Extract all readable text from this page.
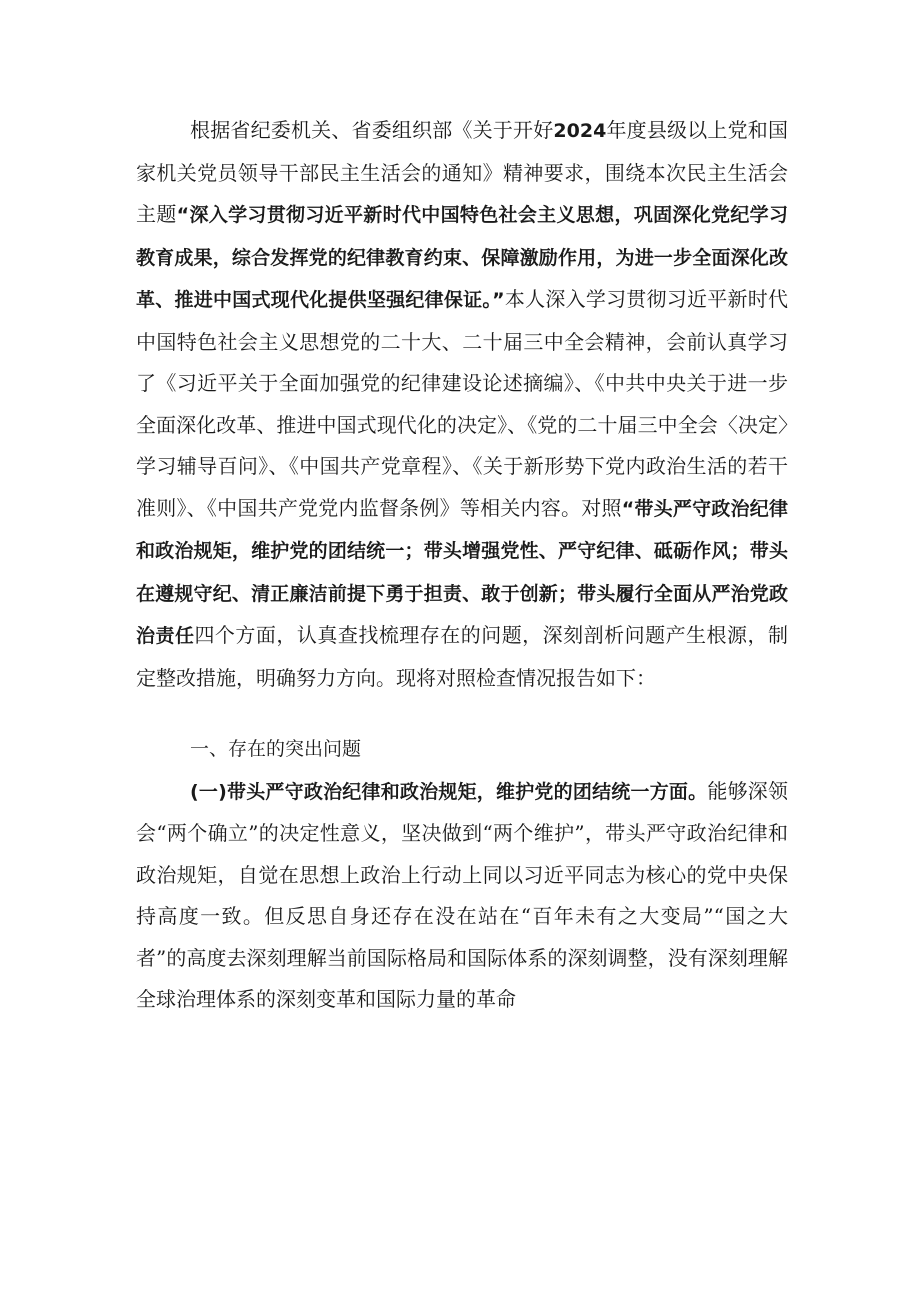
根据省纪委机关、省委组织部《关于开好2024年度县级以上党和国家机关党员领导干部民主生活会的通知》精神要求，围绕本次民主生活会主题“深入学习贯彻习近平新时代中国特色社会主义思想，巩固深化党纪学习教育成果，综合发挥党的纪律教育约束、保障激励作用，为进一步全面深化改革、推进中国式现代化提供坚强纪律保证。”本人深入学习贯彻习近平新时代中国特色社会主义思想党的二十大、二十届三中全会精神，会前认真学习了《习近平关于全面加强党的纪律建设论述摘编》、《中共中央关于进一步全面深化改革、推进中国式现代化的决定》、《党的二十届三中全会〈决定〉学习辅导百问》、《中国共产党章程》、《关于新形势下党内政治生活的若干准则》、《中国共产党党内监督条例》等相关内容。对照“带头严守政治纪律和政治规矩，维护党的团结统一；带头增强党性、严守纪律、砥砺作风；带头在遵规守纪、清正廉洁前提下勇于担责、敢于创新；带头履行全面从严治党政治责任四个方面，认真查找梳理存在的问题，深刻剖析问题产生根源，制定整改措施，明确努力方向。现将对照检查情况报告如下：

一、存在的突出问题

(一)带头严守政治纪律和政治规矩，维护党的团结统一方面。能够深领会“两个确立”的决定性意义，坚决做到“两个维护”，带头严守政治纪律和政治规矩，自觉在思想上政治上行动上同以习近平同志为核心的党中央保持高度一致。但反思自身还存在没在站在“百年未有之大变局”“国之大者”的高度去深刻理解当前国际格局和国际体系的深刻调整，没有深刻理解全球治理体系的深刻变革和国际力量的革命
